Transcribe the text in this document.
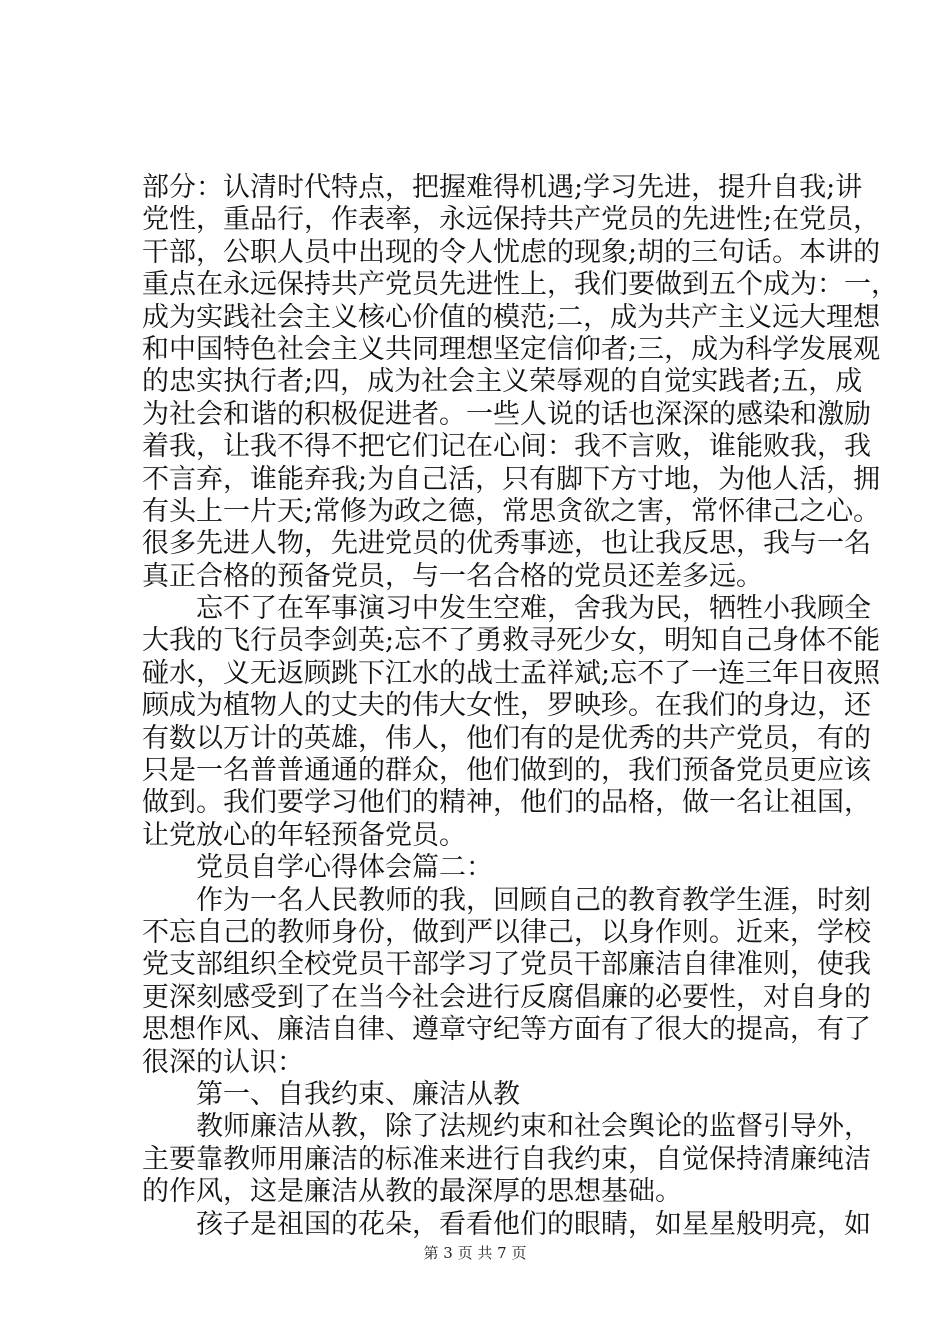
部分：认清时代特点，把握难得机遇;学习先进，提升自我;讲
党性，重品行，作表率，永远保持共产党员的先进性;在党员，
干部，公职人员中出现的令人忧虑的现象;胡的三句话。本讲的
重点在永远保持共产党员先进性上，我们要做到五个成为：一，
成为实践社会主义核心价值的模范;二，成为共产主义远大理想
和中国特色社会主义共同理想坚定信仰者;三，成为科学发展观
的忠实执行者;四，成为社会主义荣辱观的自觉实践者;五，成
为社会和谐的积极促进者。一些人说的话也深深的感染和激励
着我，让我不得不把它们记在心间：我不言败，谁能败我，我
不言弃，谁能弃我;为自己活，只有脚下方寸地，为他人活，拥
有头上一片天;常修为政之德，常思贪欲之害，常怀律己之心。
很多先进人物，先进党员的优秀事迹，也让我反思，我与一名
真正合格的预备党员，与一名合格的党员还差多远。
　　忘不了在军事演习中发生空难，舍我为民，牺牲小我顾全
大我的飞行员李剑英;忘不了勇救寻死少女，明知自己身体不能
碰水，义无返顾跳下江水的战士孟祥斌;忘不了一连三年日夜照
顾成为植物人的丈夫的伟大女性，罗映珍。在我们的身边，还
有数以万计的英雄，伟人，他们有的是优秀的共产党员，有的
只是一名普普通通的群众，他们做到的，我们预备党员更应该
做到。我们要学习他们的精神，他们的品格，做一名让祖国，
让党放心的年轻预备党员。
　　党员自学心得体会篇二：
　　作为一名人民教师的我，回顾自己的教育教学生涯，时刻
不忘自己的教师身份，做到严以律己，以身作则。近来，学校
党支部组织全校党员干部学习了党员干部廉洁自律准则，使我
更深刻感受到了在当今社会进行反腐倡廉的必要性，对自身的
思想作风、廉洁自律、遵章守纪等方面有了很大的提高，有了
很深的认识：
　　第一、自我约束、廉洁从教
　　教师廉洁从教，除了法规约束和社会舆论的监督引导外，
主要靠教师用廉洁的标准来进行自我约束，自觉保持清廉纯洁
的作风，这是廉洁从教的最深厚的思想基础。
　　孩子是祖国的花朵，看看他们的眼睛，如星星般明亮，如
第 3 页 共 7 页
